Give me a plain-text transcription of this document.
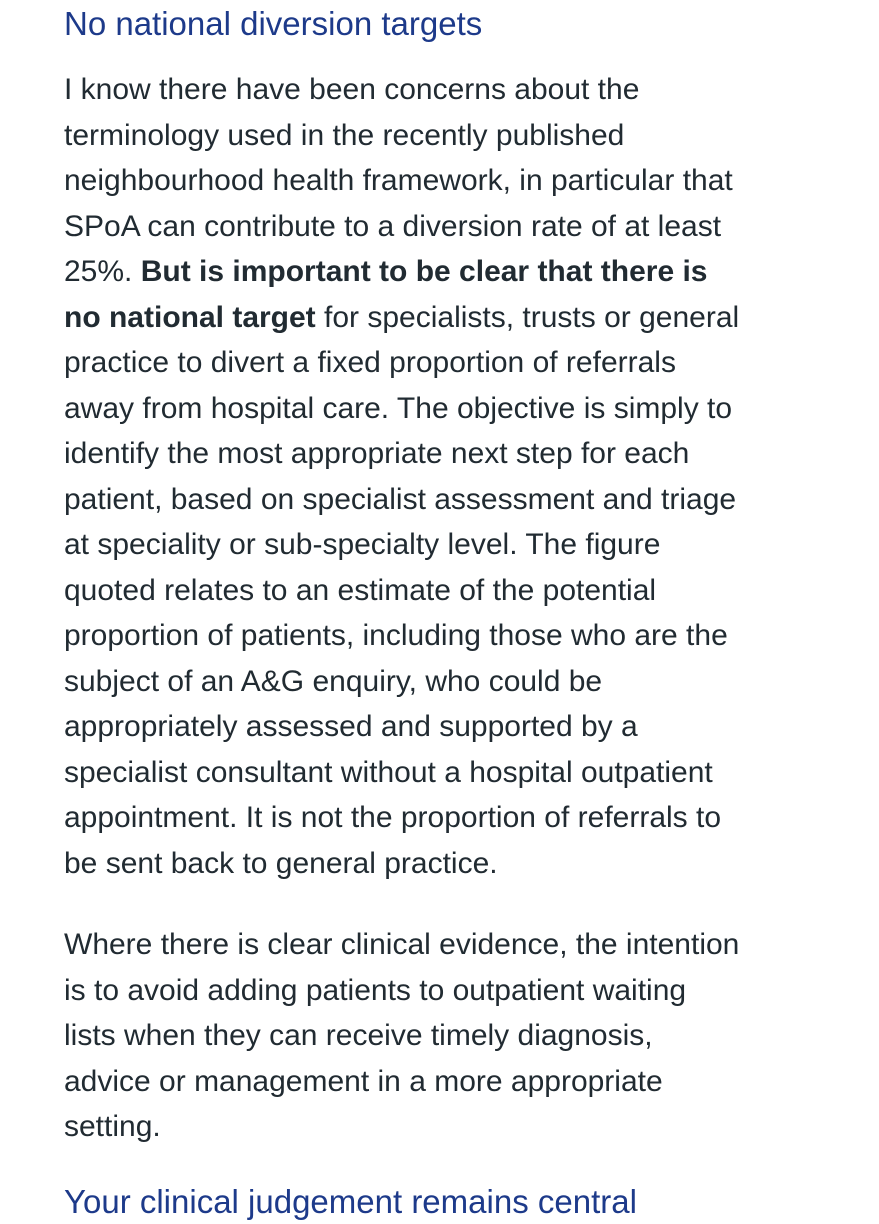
No national diversion targets

I know there have been concerns about the
terminology used in the recently published
neighbourhood health framework, in particular that
SPoA can contribute to a diversion rate of at least
25%. But is important to be clear that there is
no national target for specialists, trusts or general
practice to divert a fixed proportion of referrals
away from hospital care. The objective is simply to
identify the most appropriate next step for each
patient, based on specialist assessment and triage
at speciality or sub-specialty level. The figure
quoted relates to an estimate of the potential
proportion of patients, including those who are the
subject of an A&G enquiry, who could be
appropriately assessed and supported by a
specialist consultant without a hospital outpatient
appointment. It is not the proportion of referrals to
be sent back to general practice.

Where there is clear clinical evidence, the intention
is to avoid adding patients to outpatient waiting
lists when they can receive timely diagnosis,
advice or management in a more appropriate
setting.

Your clinical judgement remains central
